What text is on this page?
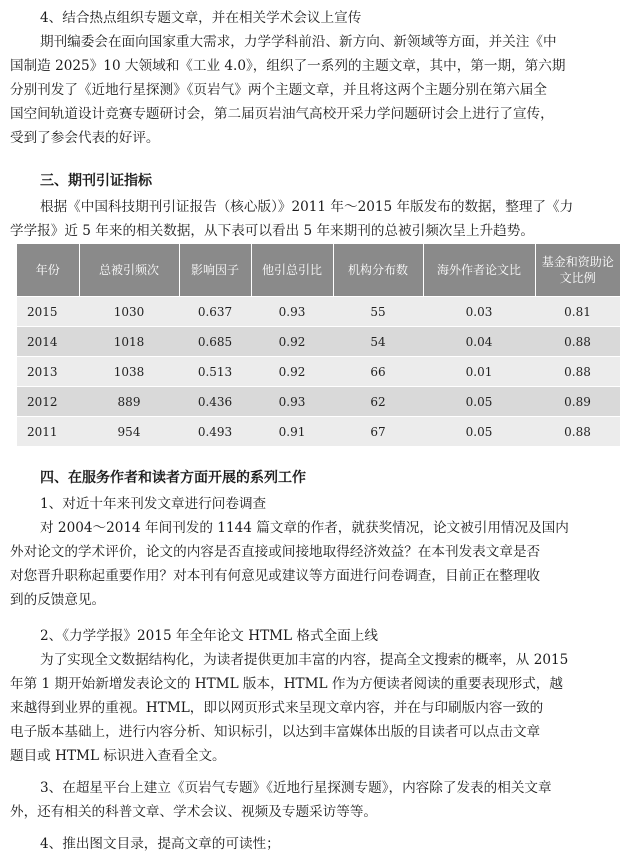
4、结合热点组织专题文章，并在相关学术会议上宣传
期刊编委会在面向国家重大需求，力学学科前沿、新方向、新领域等方面，并关注《中
国制造 2025》10 大领域和《工业 4.0》，组织了一系列的主题文章，其中，第一期，第六期
分别刊发了《近地行星探测》《页岩气》两个主题文章，并且将这两个主题分别在第六届全
国空间轨道设计竞赛专题研讨会，第二届页岩油气高校开采力学问题研讨会上进行了宣传，
受到了参会代表的好评。
三、期刊引证指标
根据《中国科技期刊引证报告（核心版）》2011 年～2015 年版发布的数据，整理了《力
学学报》近 5 年来的相关数据，从下表可以看出 5 年来期刊的总被引频次呈上升趋势。
四、在服务作者和读者方面开展的系列工作
1、对近十年来刊发文章进行问卷调查
对 2004～2014 年间刊发的 1144 篇文章的作者，就获奖情况，论文被引用情况及国内
外对论文的学术评价，论文的内容是否直接或间接地取得经济效益？在本刊发表文章是否
对您晋升职称起重要作用？对本刊有何意见或建议等方面进行问卷调查，目前正在整理收
到的反馈意见。
2、《力学学报》2015 年全年论文 HTML 格式全面上线
为了实现全文数据结构化，为读者提供更加丰富的内容，提高全文搜索的概率，从 2015
年第 1 期开始新增发表论文的 HTML 版本，HTML 作为方便读者阅读的重要表现形式，越
来越得到业界的重视。HTML，即以网页形式来呈现文章内容，并在与印刷版内容一致的
电子版本基础上，进行内容分析、知识标引，以达到丰富媒体出版的目读者可以点击文章
题目或 HTML 标识进入查看全文。
3、在超星平台上建立《页岩气专题》《近地行星探测专题》，内容除了发表的相关文章
外，还有相关的科普文章、学术会议、视频及专题采访等等。
4、推出图文目录，提高文章的可读性；
年份	总被引频次	影响因子	他引总引比	机构分布数	海外作者论文比	基金和资助论文比例
2015	1030	0.637	0.93	55	0.03	0.81
2014	1018	0.685	0.92	54	0.04	0.88
2013	1038	0.513	0.92	66	0.01	0.88
2012	889	0.436	0.93	62	0.05	0.89
2011	954	0.493	0.91	67	0.05	0.88
